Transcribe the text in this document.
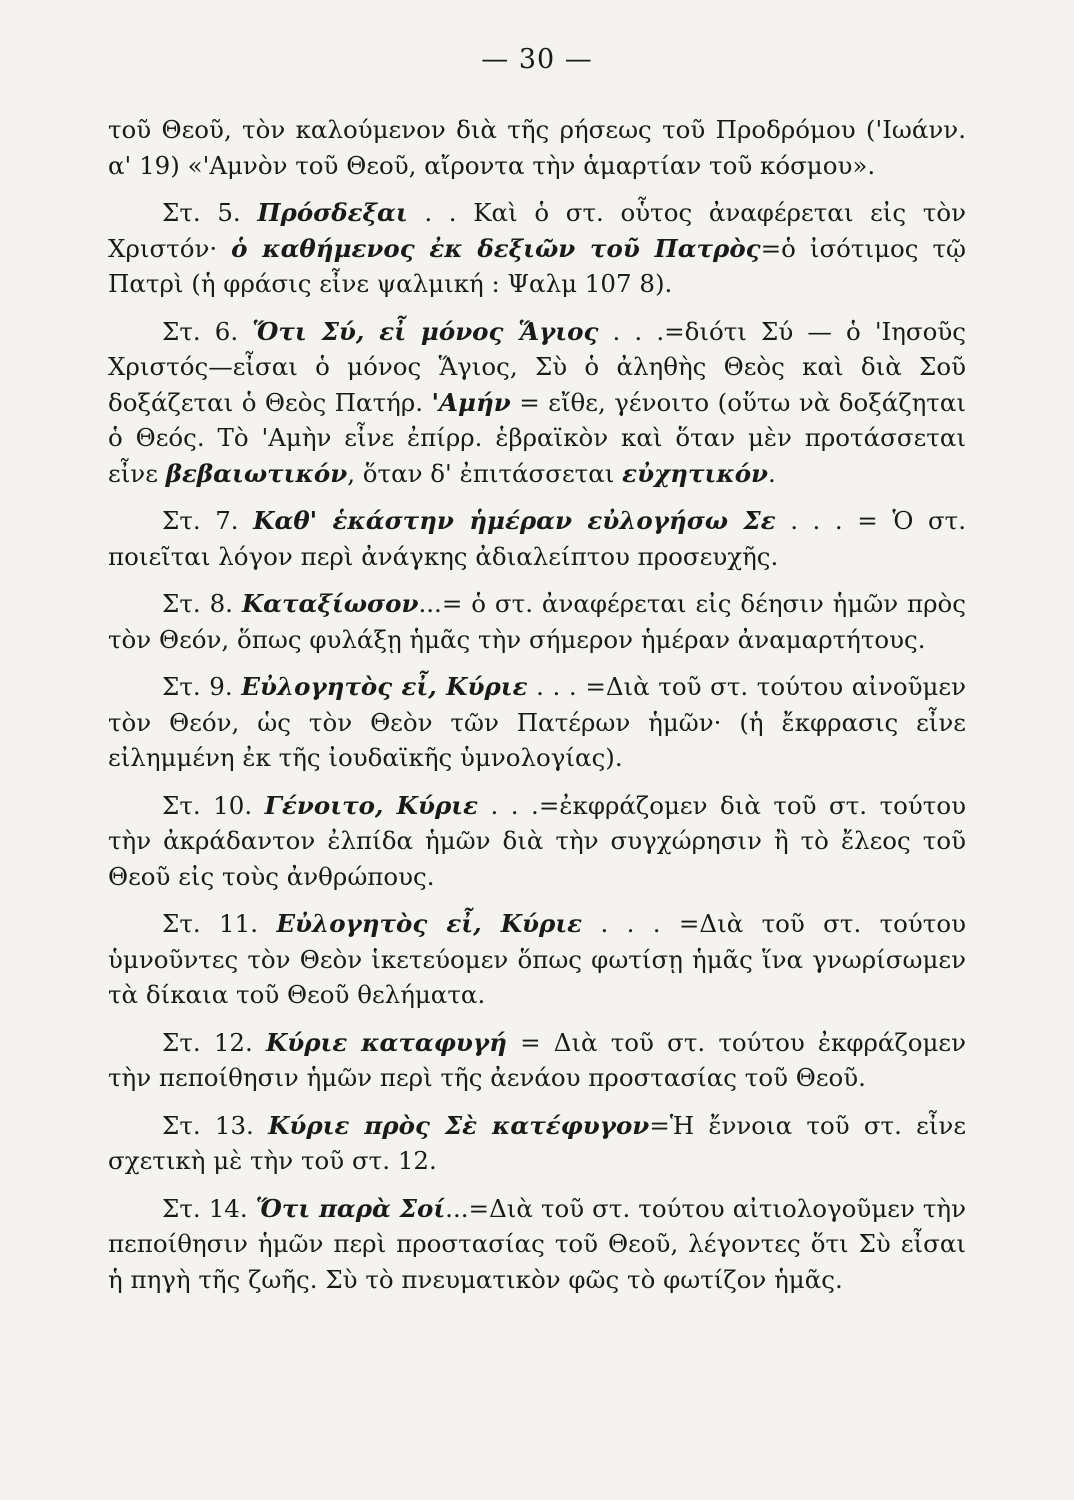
— 30 —

τοῦ Θεοῦ, τὸν καλούμενον διὰ τῆς ρήσεως τοῦ Προδρόμου ('Ιωάνν. α' 19) «'Αμνὸν τοῦ Θεοῦ, αἴροντα τὴν ἁμαρτίαν τοῦ κόσμου».

Στ. 5. Πρόσδεξαι . . Καὶ ὁ στ. οὗτος ἀναφέρεται εἰς τὸν Χριστόν· ὁ καθήμενος ἐκ δεξιῶν τοῦ Πατρὸς=ὁ ἰσότιμος τῷ Πατρὶ (ἡ φράσις εἶνε ψαλμική : Ψαλμ 107 8).

Στ. 6. Ὅτι Σύ, εἶ μόνος Ἅγιος . . .=διότι Σύ — ὁ 'Ιησοῦς Χριστός—εἶσαι ὁ μόνος Ἅγιος, Σὺ ὁ ἀληθὴς Θεὸς καὶ διὰ Σοῦ δοξάζεται ὁ Θεὸς Πατήρ. 'Αμήν = εἴθε, γένοιτο (οὕτω νὰ δοξάζηται ὁ Θεός. Τὸ 'Αμὴν εἶνε ἐπίρρ. ἑβραϊκὸν καὶ ὅταν μὲν προτάσσεται εἶνε βεβαιωτικόν, ὅταν δ' ἐπιτάσσεται εὐχητικόν.

Στ. 7. Καθ' ἑκάστην ἡμέραν εὐλογήσω Σε . . . = Ὁ στ. ποιεῖται λόγον περὶ ἀνάγκης ἀδιαλείπτου προσευχῆς.

Στ. 8. Καταξίωσον...= ὁ στ. ἀναφέρεται εἰς δέησιν ἡμῶν πρὸς τὸν Θεόν, ὅπως φυλάξῃ ἡμᾶς τὴν σήμερον ἡμέραν ἀναμαρτήτους.

Στ. 9. Εὐλογητὸς εἶ, Κύριε . . . =Διὰ τοῦ στ. τούτου αἰνοῦμεν τὸν Θεόν, ὡς τὸν Θεὸν τῶν Πατέρων ἡμῶν· (ἡ ἔκφρασις εἶνε εἰλημμένη ἐκ τῆς ἰουδαϊκῆς ὑμνολογίας).

Στ. 10. Γένοιτο, Κύριε . . .=ἐκφράζομεν διὰ τοῦ στ. τούτου τὴν ἀκράδαντον ἐλπίδα ἡμῶν διὰ τὴν συγχώρησιν ἢ τὸ ἔλεος τοῦ Θεοῦ εἰς τοὺς ἀνθρώπους.

Στ. 11. Εὐλογητὸς εἶ, Κύριε . . . =Διὰ τοῦ στ. τούτου ὑμνοῦντες τὸν Θεὸν ἱκετεύομεν ὅπως φωτίσῃ ἡμᾶς ἵνα γνωρίσωμεν τὰ δίκαια τοῦ Θεοῦ θελήματα.

Στ. 12. Κύριε καταφυγή = Διὰ τοῦ στ. τούτου ἐκφράζομεν τὴν πεποίθησιν ἡμῶν περὶ τῆς ἀενάου προστασίας τοῦ Θεοῦ.

Στ. 13. Κύριε πρὸς Σὲ κατέφυγον=Ἡ ἔννοια τοῦ στ. εἶνε σχετικὴ μὲ τὴν τοῦ στ. 12.

Στ. 14. Ὅτι παρὰ Σοί...=Διὰ τοῦ στ. τούτου αἰτιολογοῦμεν τὴν πεποίθησιν ἡμῶν περὶ προστασίας τοῦ Θεοῦ, λέγοντες ὅτι Σὺ εἶσαι ἡ πηγὴ τῆς ζωῆς. Σὺ τὸ πνευματικὸν φῶς τὸ φωτίζον ἡμᾶς.
